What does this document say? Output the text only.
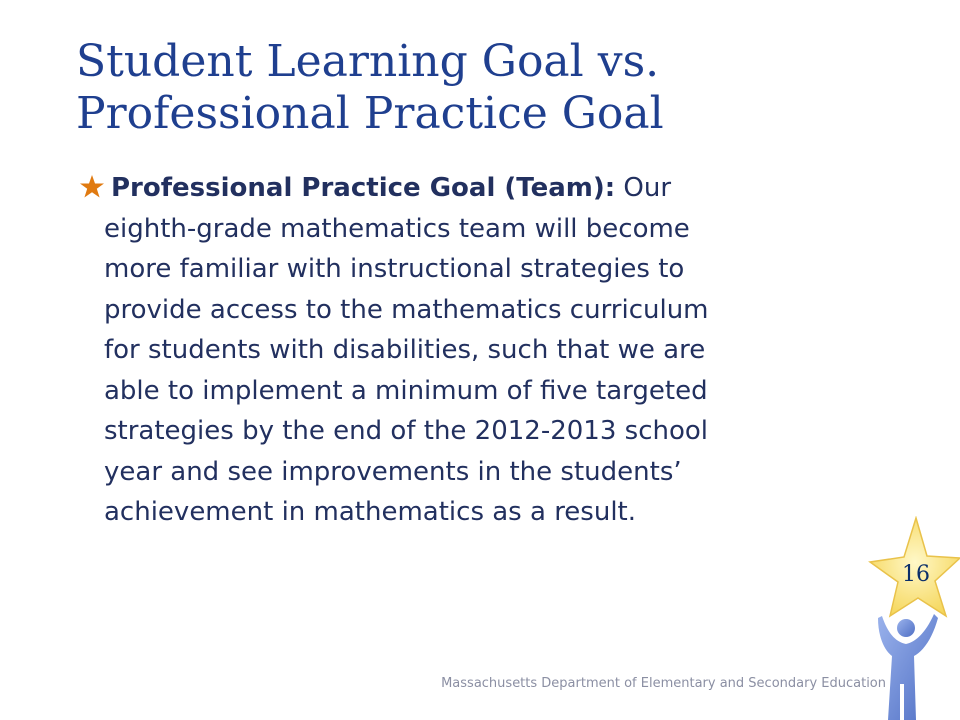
Student Learning Goal vs.
Professional Practice Goal
Professional Practice Goal (Team): Our
eighth-grade mathematics team will become
more familiar with instructional strategies to
provide access to the mathematics curriculum
for students with disabilities, such that we are
able to implement a minimum of five targeted
strategies by the end of the 2012-2013 school
year and see improvements in the students’
achievement in mathematics as a result.
Massachusetts Department of Elementary and Secondary Education
16
